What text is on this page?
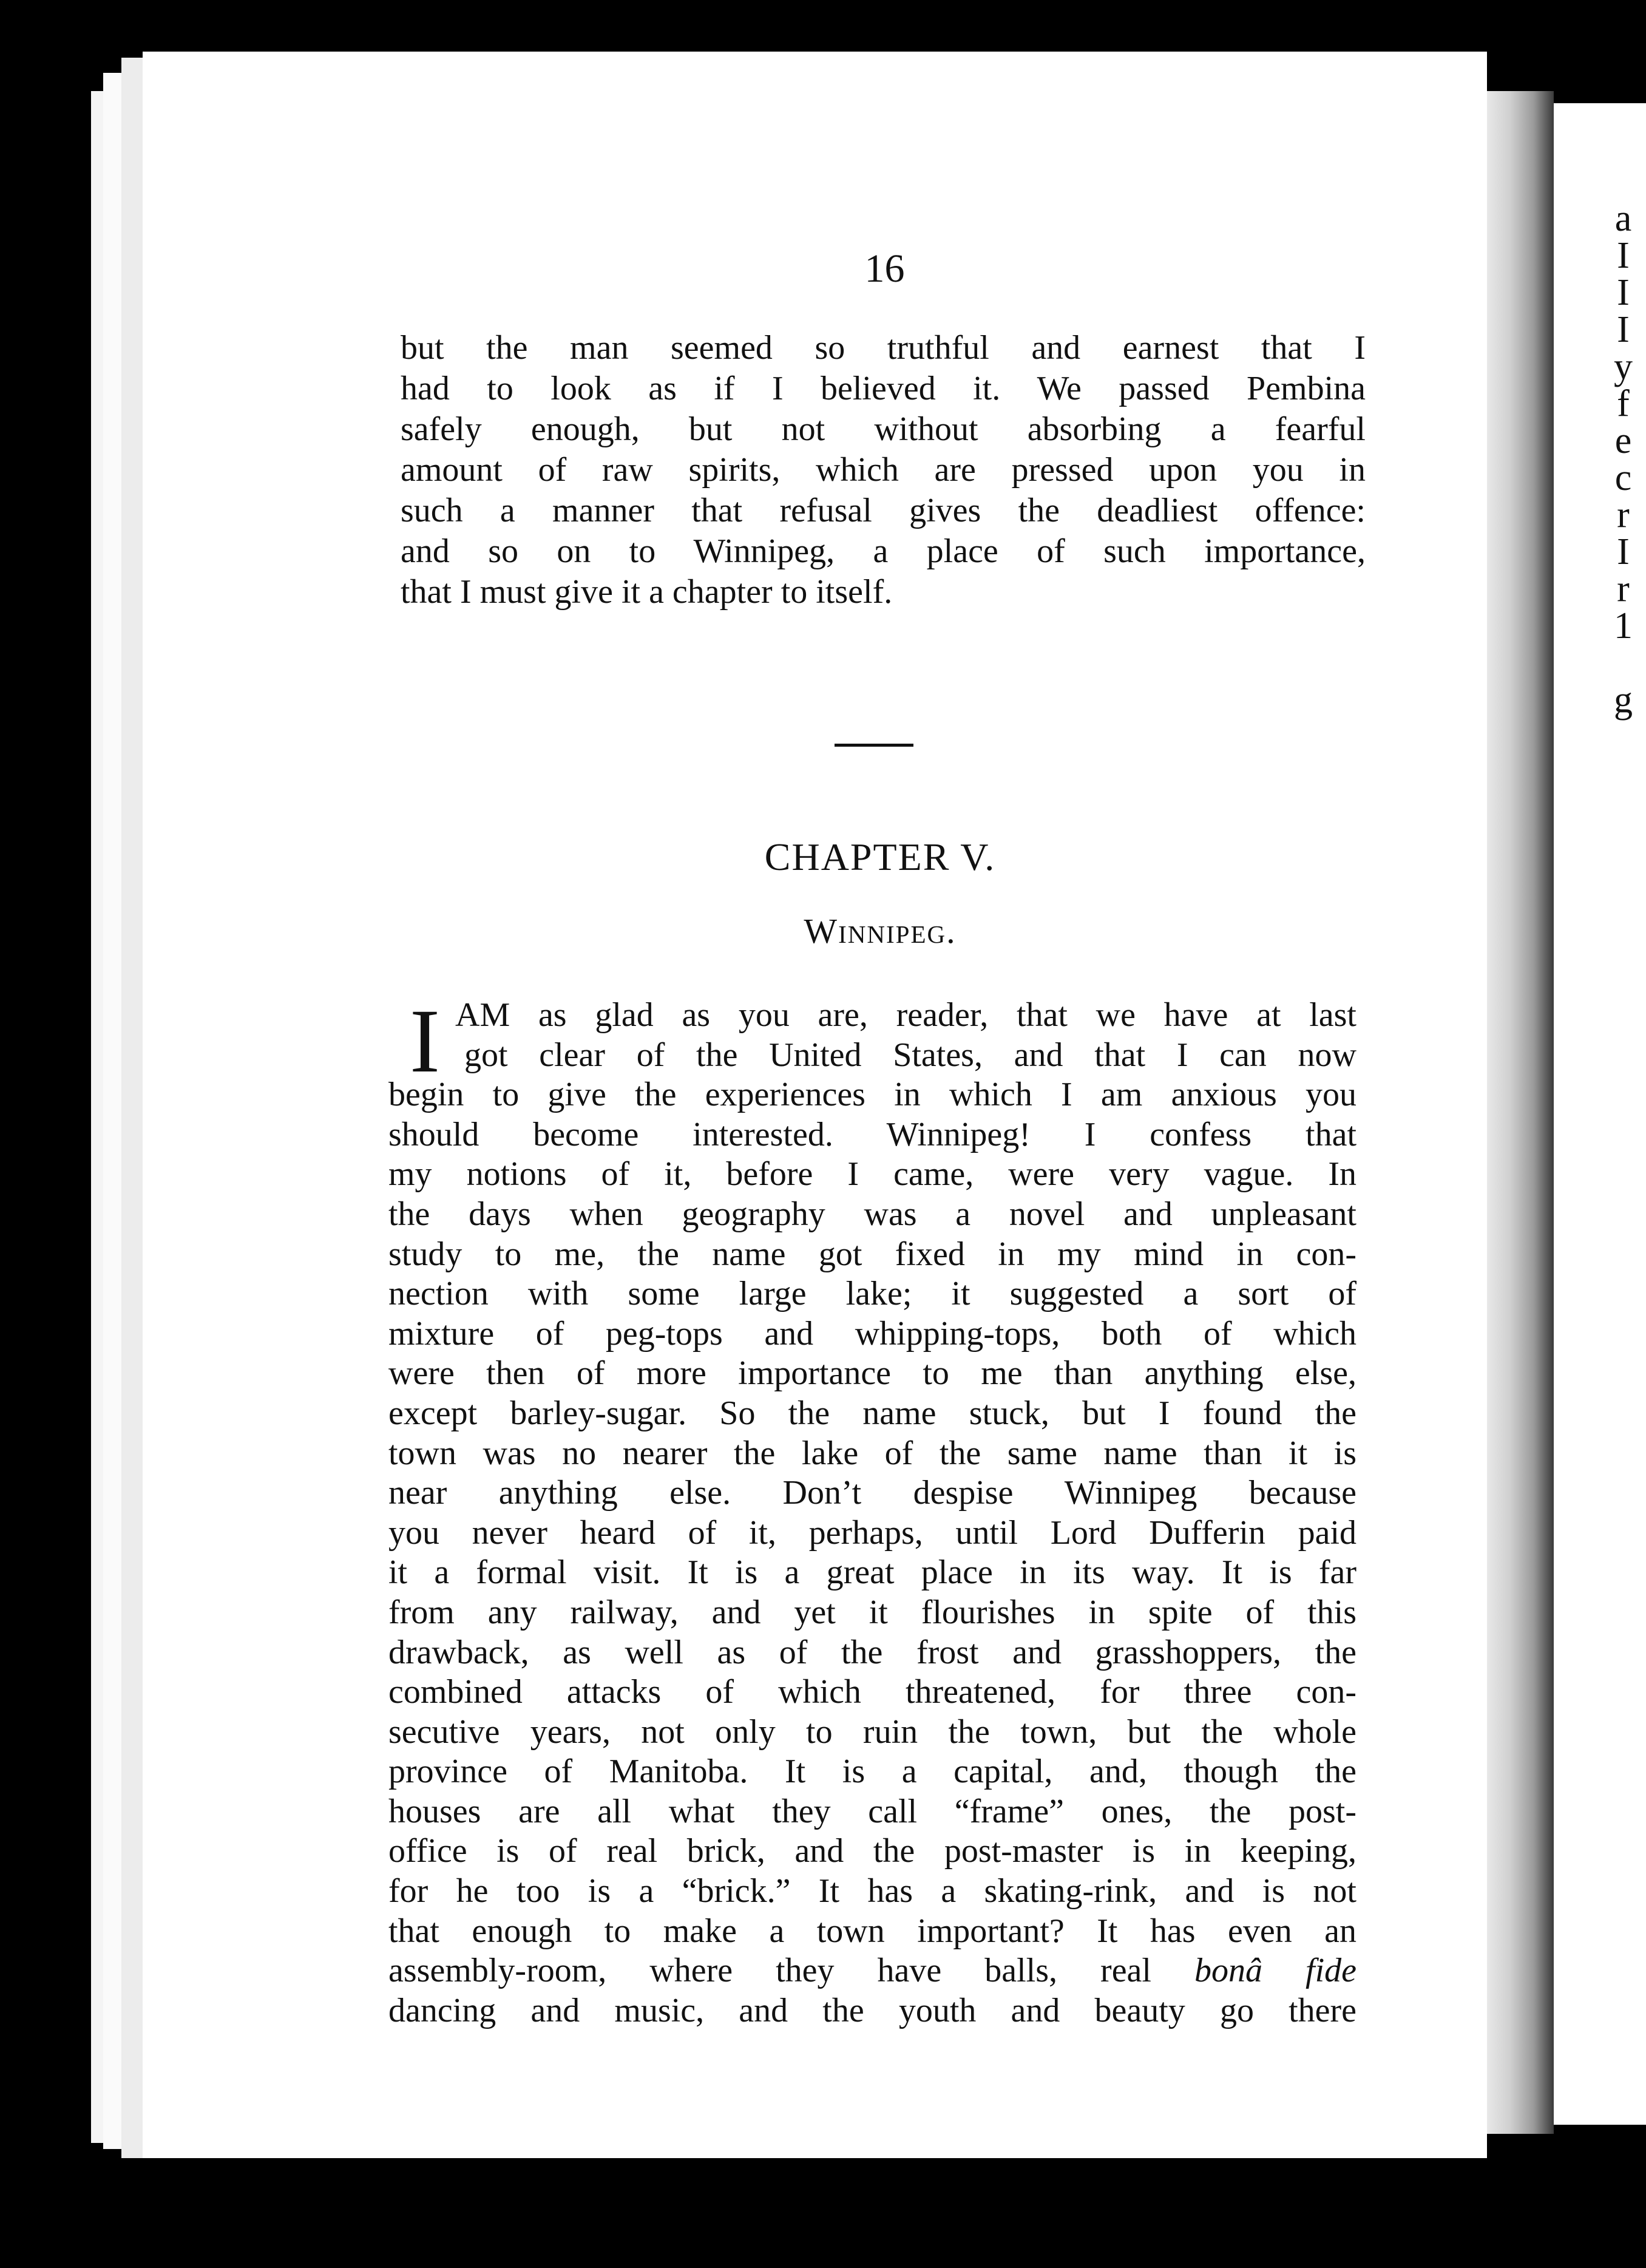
a
I
I
I
y
f
e
c
r
I
r
1

g
16
but the man seemed so truthful and earnest that I
had to look as if I believed it. We passed Pembina
safely enough, but not without absorbing a fearful
amount of raw spirits, which are pressed upon you in
such a manner that refusal gives the deadliest offence:
and so on to Winnipeg, a place of such importance,
that I must give it a chapter to itself.
CHAPTER V.
Winnipeg.
I AM as glad as you are, reader, that we have at last
got clear of the United States, and that I can now
begin to give the experiences in which I am anxious you
should become interested. Winnipeg! I confess that
my notions of it, before I came, were very vague. In
the days when geography was a novel and unpleasant
study to me, the name got fixed in my mind in con-
nection with some large lake; it suggested a sort of
mixture of peg-tops and whipping-tops, both of which
were then of more importance to me than anything else,
except barley-sugar. So the name stuck, but I found the
town was no nearer the lake of the same name than it is
near anything else. Don’t despise Winnipeg because
you never heard of it, perhaps, until Lord Dufferin paid
it a formal visit. It is a great place in its way. It is far
from any railway, and yet it flourishes in spite of this
drawback, as well as of the frost and grasshoppers, the
combined attacks of which threatened, for three con-
secutive years, not only to ruin the town, but the whole
province of Manitoba. It is a capital, and, though the
houses are all what they call “frame” ones, the post-
office is of real brick, and the post-master is in keeping,
for he too is a “brick.” It has a skating-rink, and is not
that enough to make a town important? It has even an
assembly-room, where they have balls, real bonâ fide
dancing and music, and the youth and beauty go there
